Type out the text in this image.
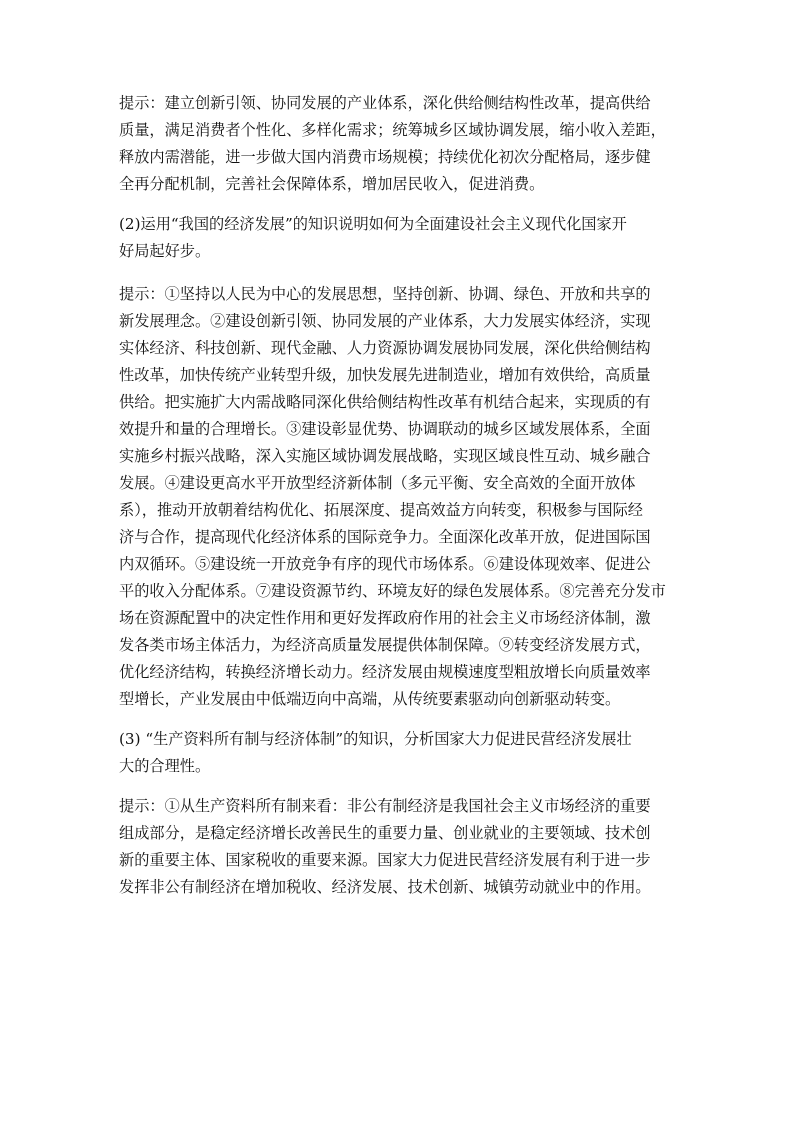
提示：建立创新引领、协同发展的产业体系，深化供给侧结构性改革，提高供给
质量，满足消费者个性化、多样化需求；统筹城乡区域协调发展，缩小收入差距，
释放内需潜能，进一步做大国内消费市场规模；持续优化初次分配格局，逐步健
全再分配机制，完善社会保障体系，增加居民收入，促进消费。

(2)运用“我国的经济发展”的知识说明如何为全面建设社会主义现代化国家开
好局起好步。

提示：①坚持以人民为中心的发展思想，坚持创新、协调、绿色、开放和共享的
新发展理念。②建设创新引领、协同发展的产业体系，大力发展实体经济，实现
实体经济、科技创新、现代金融、人力资源协调发展协同发展，深化供给侧结构
性改革，加快传统产业转型升级，加快发展先进制造业，增加有效供给，高质量
供给。把实施扩大内需战略同深化供给侧结构性改革有机结合起来，实现质的有
效提升和量的合理增长。③建设彰显优势、协调联动的城乡区域发展体系，全面
实施乡村振兴战略，深入实施区域协调发展战略，实现区域良性互动、城乡融合
发展。④建设更高水平开放型经济新体制（多元平衡、安全高效的全面开放体
系），推动开放朝着结构优化、拓展深度、提高效益方向转变，积极参与国际经
济与合作，提高现代化经济体系的国际竞争力。全面深化改革开放，促进国际国
内双循环。⑤建设统一开放竞争有序的现代市场体系。⑥建设体现效率、促进公
平的收入分配体系。⑦建设资源节约、环境友好的绿色发展体系。⑧完善充分发市
场在资源配置中的决定性作用和更好发挥政府作用的社会主义市场经济体制，激
发各类市场主体活力，为经济高质量发展提供体制保障。⑨转变经济发展方式，
优化经济结构，转换经济增长动力。经济发展由规模速度型粗放增长向质量效率
型增长，产业发展由中低端迈向中高端，从传统要素驱动向创新驱动转变。

(3) “生产资料所有制与经济体制”的知识，分析国家大力促进民营经济发展壮
大的合理性。

提示：①从生产资料所有制来看：非公有制经济是我国社会主义市场经济的重要
组成部分，是稳定经济增长改善民生的重要力量、创业就业的主要领域、技术创
新的重要主体、国家税收的重要来源。国家大力促进民营经济发展有利于进一步
发挥非公有制经济在增加税收、经济发展、技术创新、城镇劳动就业中的作用。
